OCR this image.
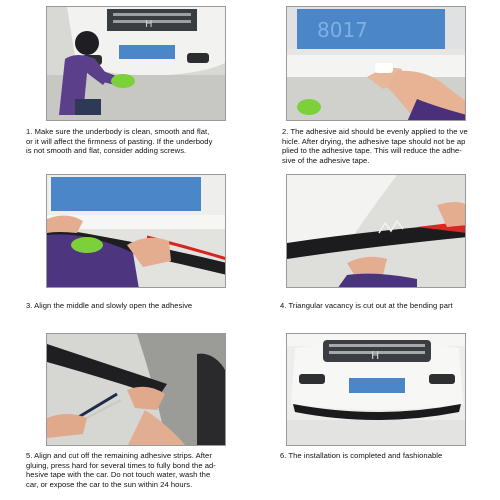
H
1. Make sure the underbody is clean, smooth and flat,
or it will affect the firmness of pasting. If the underbody
is not smooth and flat, consider adding screws.
8017
2. The adhesive aid should be evenly applied to the ve
hicle. After drying, the adhesive tape should not be ap
plied to the adhesive tape. This will reduce the adhe-
sive of the adhesive tape.
3. Align the middle and slowly open the adhesive	4. Triangular vacancy is cut out at the bending part
5. Align and cut off the remaining adhesive strips. After
gluing, press hard for several times to fully bond the ad-
hesive tape with the car. Do not touch water, wash the
car, or expose the car to the sun within 24 hours.
H
6. The installation is completed and fashionable
